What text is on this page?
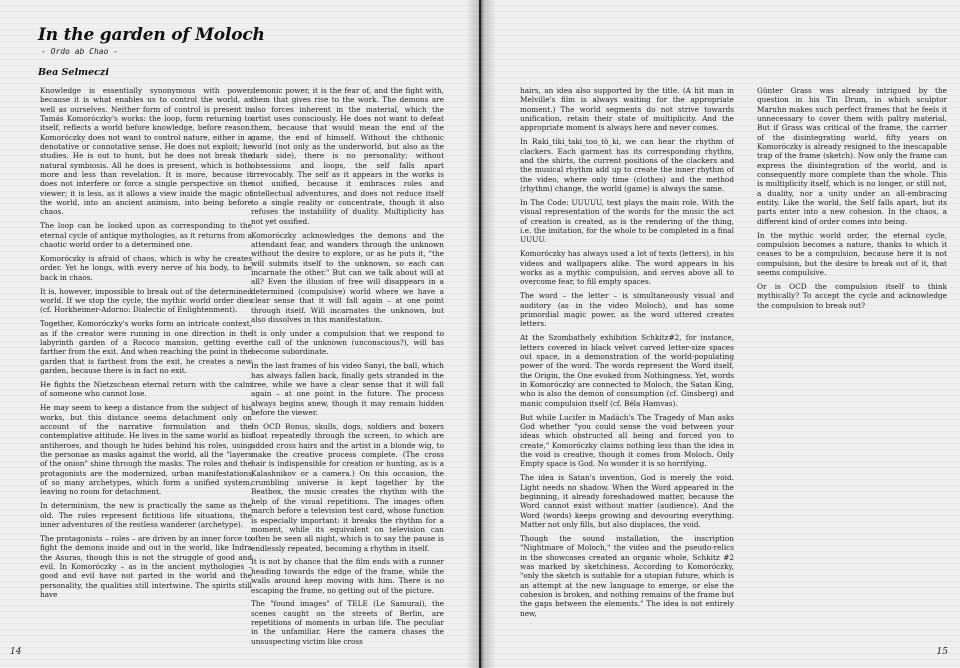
In the garden of Moloch
- Ordo ab Chao -
Bea Selmeczi

Knowledge is essentially synonymous with power, because it is what enables us to control the world, as well as ourselves. Neither form of control is present in Tamás Komoróczky's works: the loop, form returning to itself, reflects a world before knowledge, before reason. Komoróczky does not want to control nature, either in a denotative or connotative sense. He does not exploit; he studies. He is out to hunt, but he does not break the natural symbiosis. All he does is present, which is both more and less than revelation. It is more, because it does not interfere or force a single perspective on the viewer; it is less, as it allows a view inside the magic of the world, into an ancient animism, into being before chaos.

The loop can be looked upon as corresponding to the eternal cycle of antique mythologies, as it returns from a chaotic world order to a determined one.

Komoróczky is afraid of chaos, which is why he creates order. Yet he longs, with every nerve of his body, to be back in chaos.

It is, however, impossible to break out of the determined world. If we stop the cycle, the mythic world order dies (cf. Horkheimer-Adorno: Dialectic of Enlightenment).

Together, Komoróczky's works form an intricate context, as if the creator were running in one direction in the labyrinth garden of a Rococo mansion, getting ever farther from the exit. And when reaching the point in the garden that is farthest from the exit, he creates a new garden, because there is in fact no exit.

He fights the Nietzschean eternal return with the calm of someone who cannot lose.

He may seem to keep a distance from the subject of his works, but this distance seems detachment only on account of the narrative formulation and the contemplative attitude. He lives in the same world as his antiheroes, and though he hides behind his roles, using the personae as masks against the world, all the "layers of the onion" shine through the masks. The roles and the protagonists are the modernized, urban manifestations of so many archetypes, which form a unified system, leaving no room for detachment.

In determinism, the new is practically the same as the old. The roles represent fictitious life situations, the inner adventures of the restless wanderer (archetype).

The protagonists – roles – are driven by an inner force to fight the demons inside and out in the world, like Indra the Asuras, though this is not the struggle of good and evil. In Komoróczky – as in the ancient mythologies – good and evil have not parted in the world and the personality, the qualities still intertwine. The spirits still have

demonic power, it is the fear of, and the fight with, them that gives rise to the work. The demons are also forces inherent in the material, which the artist uses consciously. He does not want to defeat them, because that would mean the end of the game, the end of himself. Without the chthonic world (not only as the underworld, but also as the dark side), there is no personality; without obsessions and loops, the self falls apart irrevocably. The self as it appears in the works is not unified, because it embraces roles and intellectual adventures, and does not reduce itself to a single reality or concentrate, though it also refuses the instability of duality. Multiplicity has not yet ossified.

Komoróczky acknowledges the demons and the attendant fear, and wanders through the unknown without the desire to explore, or as he puts it, "the will submits itself to the unknown, so each can incarnate the other." But can we talk about will at all? Even the illusion of free will disappears in a determined (compulsive) world where we have a clear sense that it will fall again – at one point through itself. Will incarnates the unknown, but also dissolves in this manifestation.

It is only under a compulsion that we respond to the call of the unknown (unconscious?), will has become subordinate.

In the last frames of his video Sanyi, the ball, which has always fallen back, finally gets stranded in the tree, while we have a clear sense that it will fall again – at one point in the future. The process always begins anew, though it may remain hidden before the viewer.

In OCD Bonus, skulls, dogs, soldiers and boxers float repeatedly through the screen, to which are added cross hairs and the artist in a blonde wig, to make the creative process complete. (The cross hair is indispensible for creation or hunting, as is a Kalashnikov or a camera.) On this occasion, the crumbling universe is kept together by the Beatbox, the music creates the rhythm with the help of the visual repetitions. The images often march before a television test card, whose function is especially important: it breaks the rhythm for a moment, while its equivalent on television can often be seen all night, which is to say the pause is endlessly repeated, becoming a rhythm in itself.

It is not by chance that the film ends with a runner heading towards the edge of the frame, while the walls around keep moving with him. There is no escaping the frame, no getting out of the picture.

The "found images" of TELE (Le Samurai), the scenes caught on the streets of Berlin, are repetitions of moments in urban life. The peculiar in the unfamiliar. Here the camera chases the unsuspecting victim like cross

14

hairs, an idea also supported by the title. (A hit man in Melville's film is always waiting for the appropriate moment.) The world segments do not strive towards unification, retain their state of multiplicity. And the appropriate moment is always here and never comes.

In Raki_tiki_taki_too_tö_ki, we can hear the rhythm of clackers. Each garment has its corresponding rhythm, and the shirts, the current positions of the clackers and the musical rhythm add up to create the inner rhythm of the video, where only time (clothes) and the method (rhythm) change, the world (game) is always the same.

In The Code: UUUUU, text plays the main role. With the visual representation of the words for the music the act of creation is created, as is the rendering of the thing, i.e. the imitation, for the whole to be completed in a final UUUU.

Komoróczky has always used a lot of texts (letters), in his videos and wallpapers alike. The word appears in his works as a mythic compulsion, and serves above all to overcome fear, to fill empty spaces.

The word – the letter – is simultaneously visual and auditory (as in the video Moloch), and has some primordial magic power, as the word uttered creates letters.

At the Szombathely exhibition Schkitz#2, for instance, letters covered in black velvet carved letter-size spaces out space, in a demonstration of the world-populating power of the word. The words represent the Word itself, the Origin, the One evoked from Nothingness. Yet, words in Komoróczky are connected to Moloch, the Satan King, who is also the demon of consumption (cf. Ginsberg) and manic compulsion itself (cf. Béla Hamvas).

But while Lucifer in Madách's The Tragedy of Man asks God whether "you could sense the void between your ideas which obstructed all being and forced you to create," Komoróczky claims nothing less than the idea in the void is creative, though it comes from Moloch. Only Empty space is God. No wonder it is so horrifying.

The idea is Satan's invention, God is merely the void. Light needs no shadow. When the Word appeared in the beginning, it already foreshadowed matter, because the Word cannot exist without matter (audience). And the Word (words) keeps growing and devouring everything. Matter not only fills, but also displaces, the void.

Though the sound installation, the inscription "Nightmare of Moloch," the video and the pseudo-relics in the showcases created an organic whole, Schkitz #2 was marked by sketchiness. According to Komoróczky, "only the sketch is suitable for a utopian future, which is an attempt at the new language to emerge, or else the cohesion is broken, and nothing remains of the frame but the gaps between the elements." The idea is not entirely new,

Günter Grass was already intrigued by the question in his Tin Drum, in which sculptor Maruhn makes such perfect frames that he feels it unnecessary to cover them with paltry material. But if Grass was critical of the frame, the carrier of the disintegrating world, fifty years on Komoróczky is already resigned to the inescapable trap of the frame (sketch). Now only the frame can express the disintegration of the world, and is consequently more complete than the whole. This is multiplicity itself, which is no longer, or still not, a duality, nor a unity under an all-embracing entity. Like the world, the Self falls apart, but its parts enter into a new cohesion. In the chaos, a different kind of order comes into being.

In the mythic world order, the eternal cycle, compulsion becomes a nature, thanks to which it ceases to be a compulsion, because here it is not compulsion, but the desire to break out of it, that seems compulsive.

Or is OCD the compulsion itself to think mythically? To accept the cycle and acknowledge the compulsion to break out?

15
